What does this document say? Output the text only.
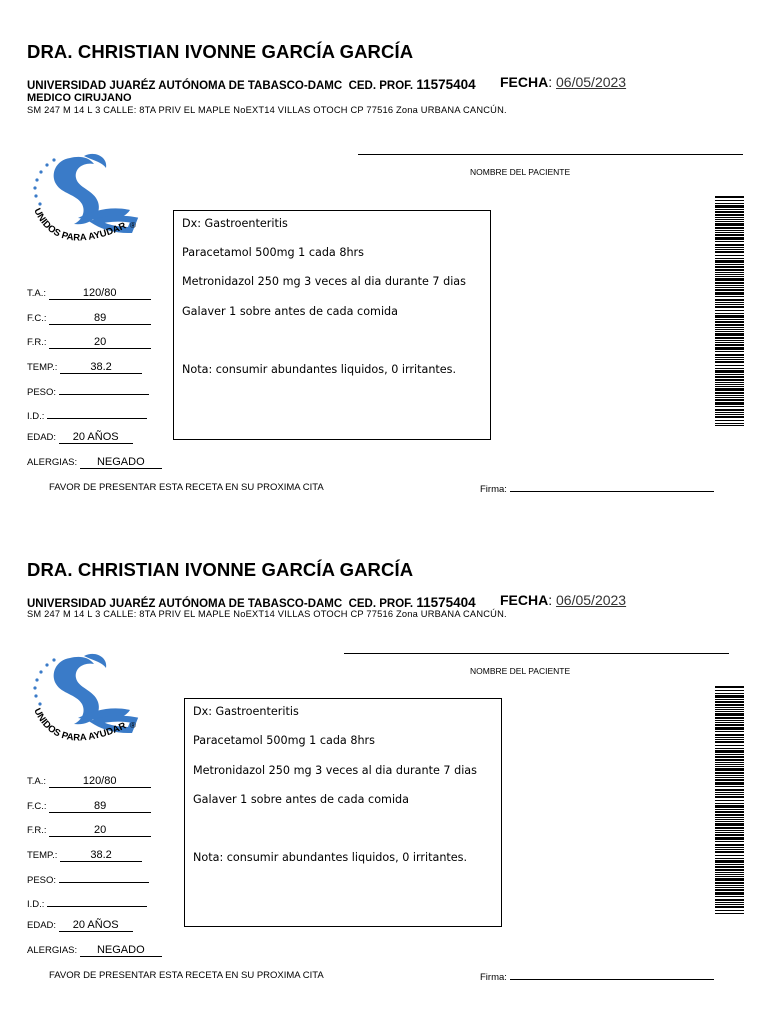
DRA. CHRISTIAN IVONNE GARCÍA GARCÍA
UNIVERSIDAD JUARÉZ AUTÓNOMA DE TABASCO-DAMC CED. PROF. 11575404 FECHA: 06/05/2023
MEDICO CIRUJANO
SM 247 M 14 L 3 CALLE: 8TA PRIV EL MAPLE NoEXT14 VILLAS OTOCH CP 77516 Zona URBANA CANCÚN.
NOMBRE DEL PACIENTE
UNIDOS PARA AYUDAR ®
T.A.:	120/80
F.C.:	89
F.R.:	20
TEMP.:	38.2
PESO:
I.D.:
EDAD: 20 AÑOS
ALERGIAS: NEGADO
Dx: Gastroenteritis
Paracetamol 500mg 1 cada 8hrs
Metronidazol 250 mg 3 veces al dia durante 7 dias
Galaver 1 sobre antes de cada comida
Nota: consumir abundantes liquidos, 0 irritantes.
FAVOR DE PRESENTAR ESTA RECETA EN SU PROXIMA CITA	Firma:
DRA. CHRISTIAN IVONNE GARCÍA GARCÍA
UNIVERSIDAD JUARÉZ AUTÓNOMA DE TABASCO-DAMC CED. PROF. 11575404 FECHA: 06/05/2023
SM 247 M 14 L 3 CALLE: 8TA PRIV EL MAPLE NoEXT14 VILLAS OTOCH CP 77516 Zona URBANA CANCÚN.
NOMBRE DEL PACIENTE
UNIDOS PARA AYUDAR ®
T.A.:	120/80
F.C.:	89
F.R.:	20
TEMP.:	38.2
PESO:
I.D.:
EDAD: 20 AÑOS
ALERGIAS: NEGADO
Dx: Gastroenteritis
Paracetamol 500mg 1 cada 8hrs
Metronidazol 250 mg 3 veces al dia durante 7 dias
Galaver 1 sobre antes de cada comida
Nota: consumir abundantes liquidos, 0 irritantes.
FAVOR DE PRESENTAR ESTA RECETA EN SU PROXIMA CITA	Firma:
